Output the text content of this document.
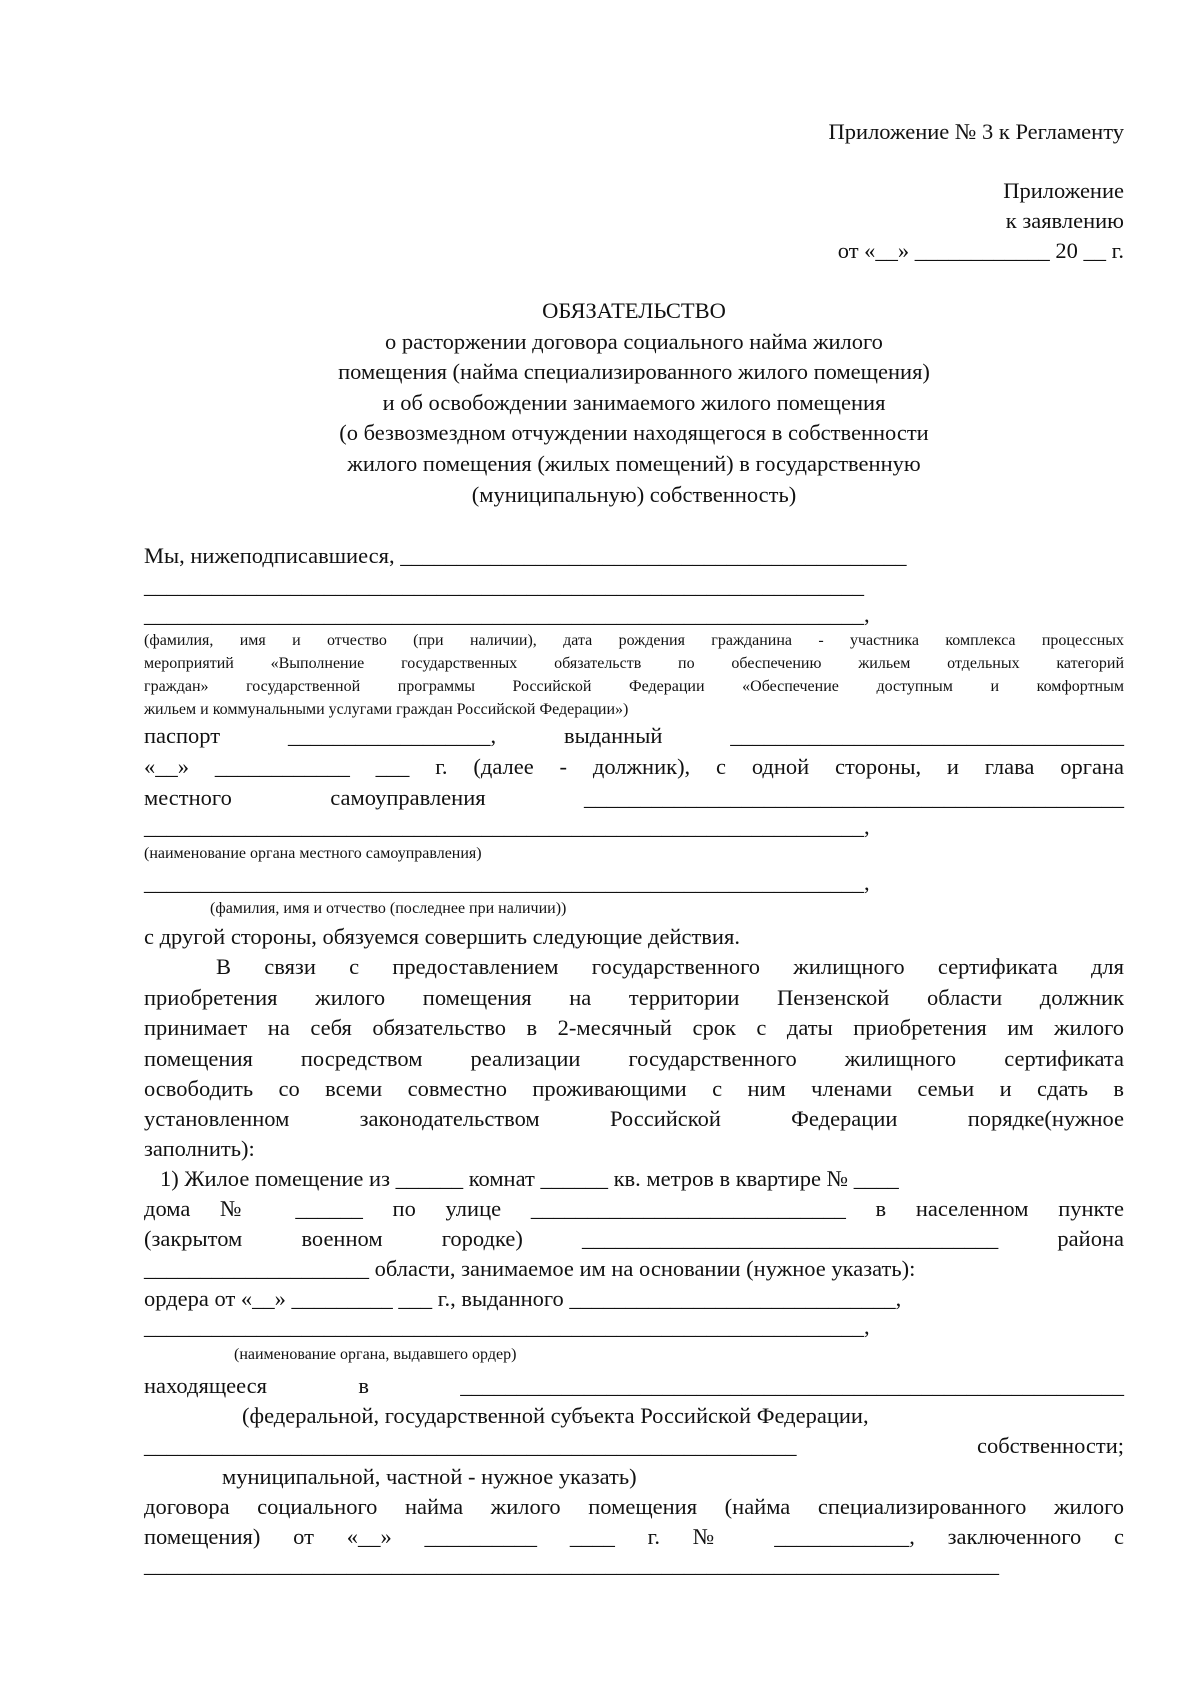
Приложение № 3 к Регламенту
Приложение
к заявлению
от «__» ____________ 20 __ г.
ОБЯЗАТЕЛЬСТВО
о расторжении договора социального найма жилого
помещения (найма специализированного жилого помещения)
и об освобождении занимаемого жилого помещения
(о безвозмездном отчуждении находящегося в собственности
жилого помещения (жилых помещений) в государственную
(муниципальную) собственность)
Мы, нижеподписавшиеся, _____________________________________________
________________________________________________________________
________________________________________________________________,
(фамилия, имя и отчество (при наличии), дата рождения гражданина - участника комплекса процессных
мероприятий «Выполнение государственных обязательств по обеспечению жильем отдельных категорий
граждан» государственной программы Российской Федерации «Обеспечение доступным и комфортным
жильем и коммунальными услугами граждан Российской Федерации»)
паспорт __________________, выданный ___________________________________
«__» ____________ ___ г. (далее - должник), с одной стороны, и глава органа
местного самоуправления ________________________________________________
________________________________________________________________,
(наименование органа местного самоуправления)
________________________________________________________________,
(фамилия, имя и отчество (последнее при наличии))
с другой стороны, обязуемся совершить следующие действия.
В связи с предоставлением государственного жилищного сертификата для
приобретения жилого помещения на территории Пензенской области должник
принимает на себя обязательство в 2-месячный срок с даты приобретения им жилого
помещения посредством реализации государственного жилищного сертификата
освободить со всеми совместно проживающими с ним членами семьи и сдать в
установленном законодательством Российской Федерации порядке(нужное
заполнить):
1) Жилое помещение из ______ комнат ______ кв. метров в квартире № ____
дома № ______ по улице ____________________________ в населенном пункте
(закрытом военном городке) _____________________________________ района
____________________ области, занимаемое им на основании (нужное указать):
ордера от «__» _________ ___ г., выданного _____________________________,
________________________________________________________________,
(наименование органа, выдавшего ордер)
находящееся в ___________________________________________________________
(федеральной, государственной субъекта Российской Федерации,
__________________________________________________________ собственности;
муниципальной, частной - нужное указать)
договора социального найма жилого помещения (найма специализированного жилого
помещения) от «__» __________ ____ г. № ____________, заключенного с
____________________________________________________________________________
